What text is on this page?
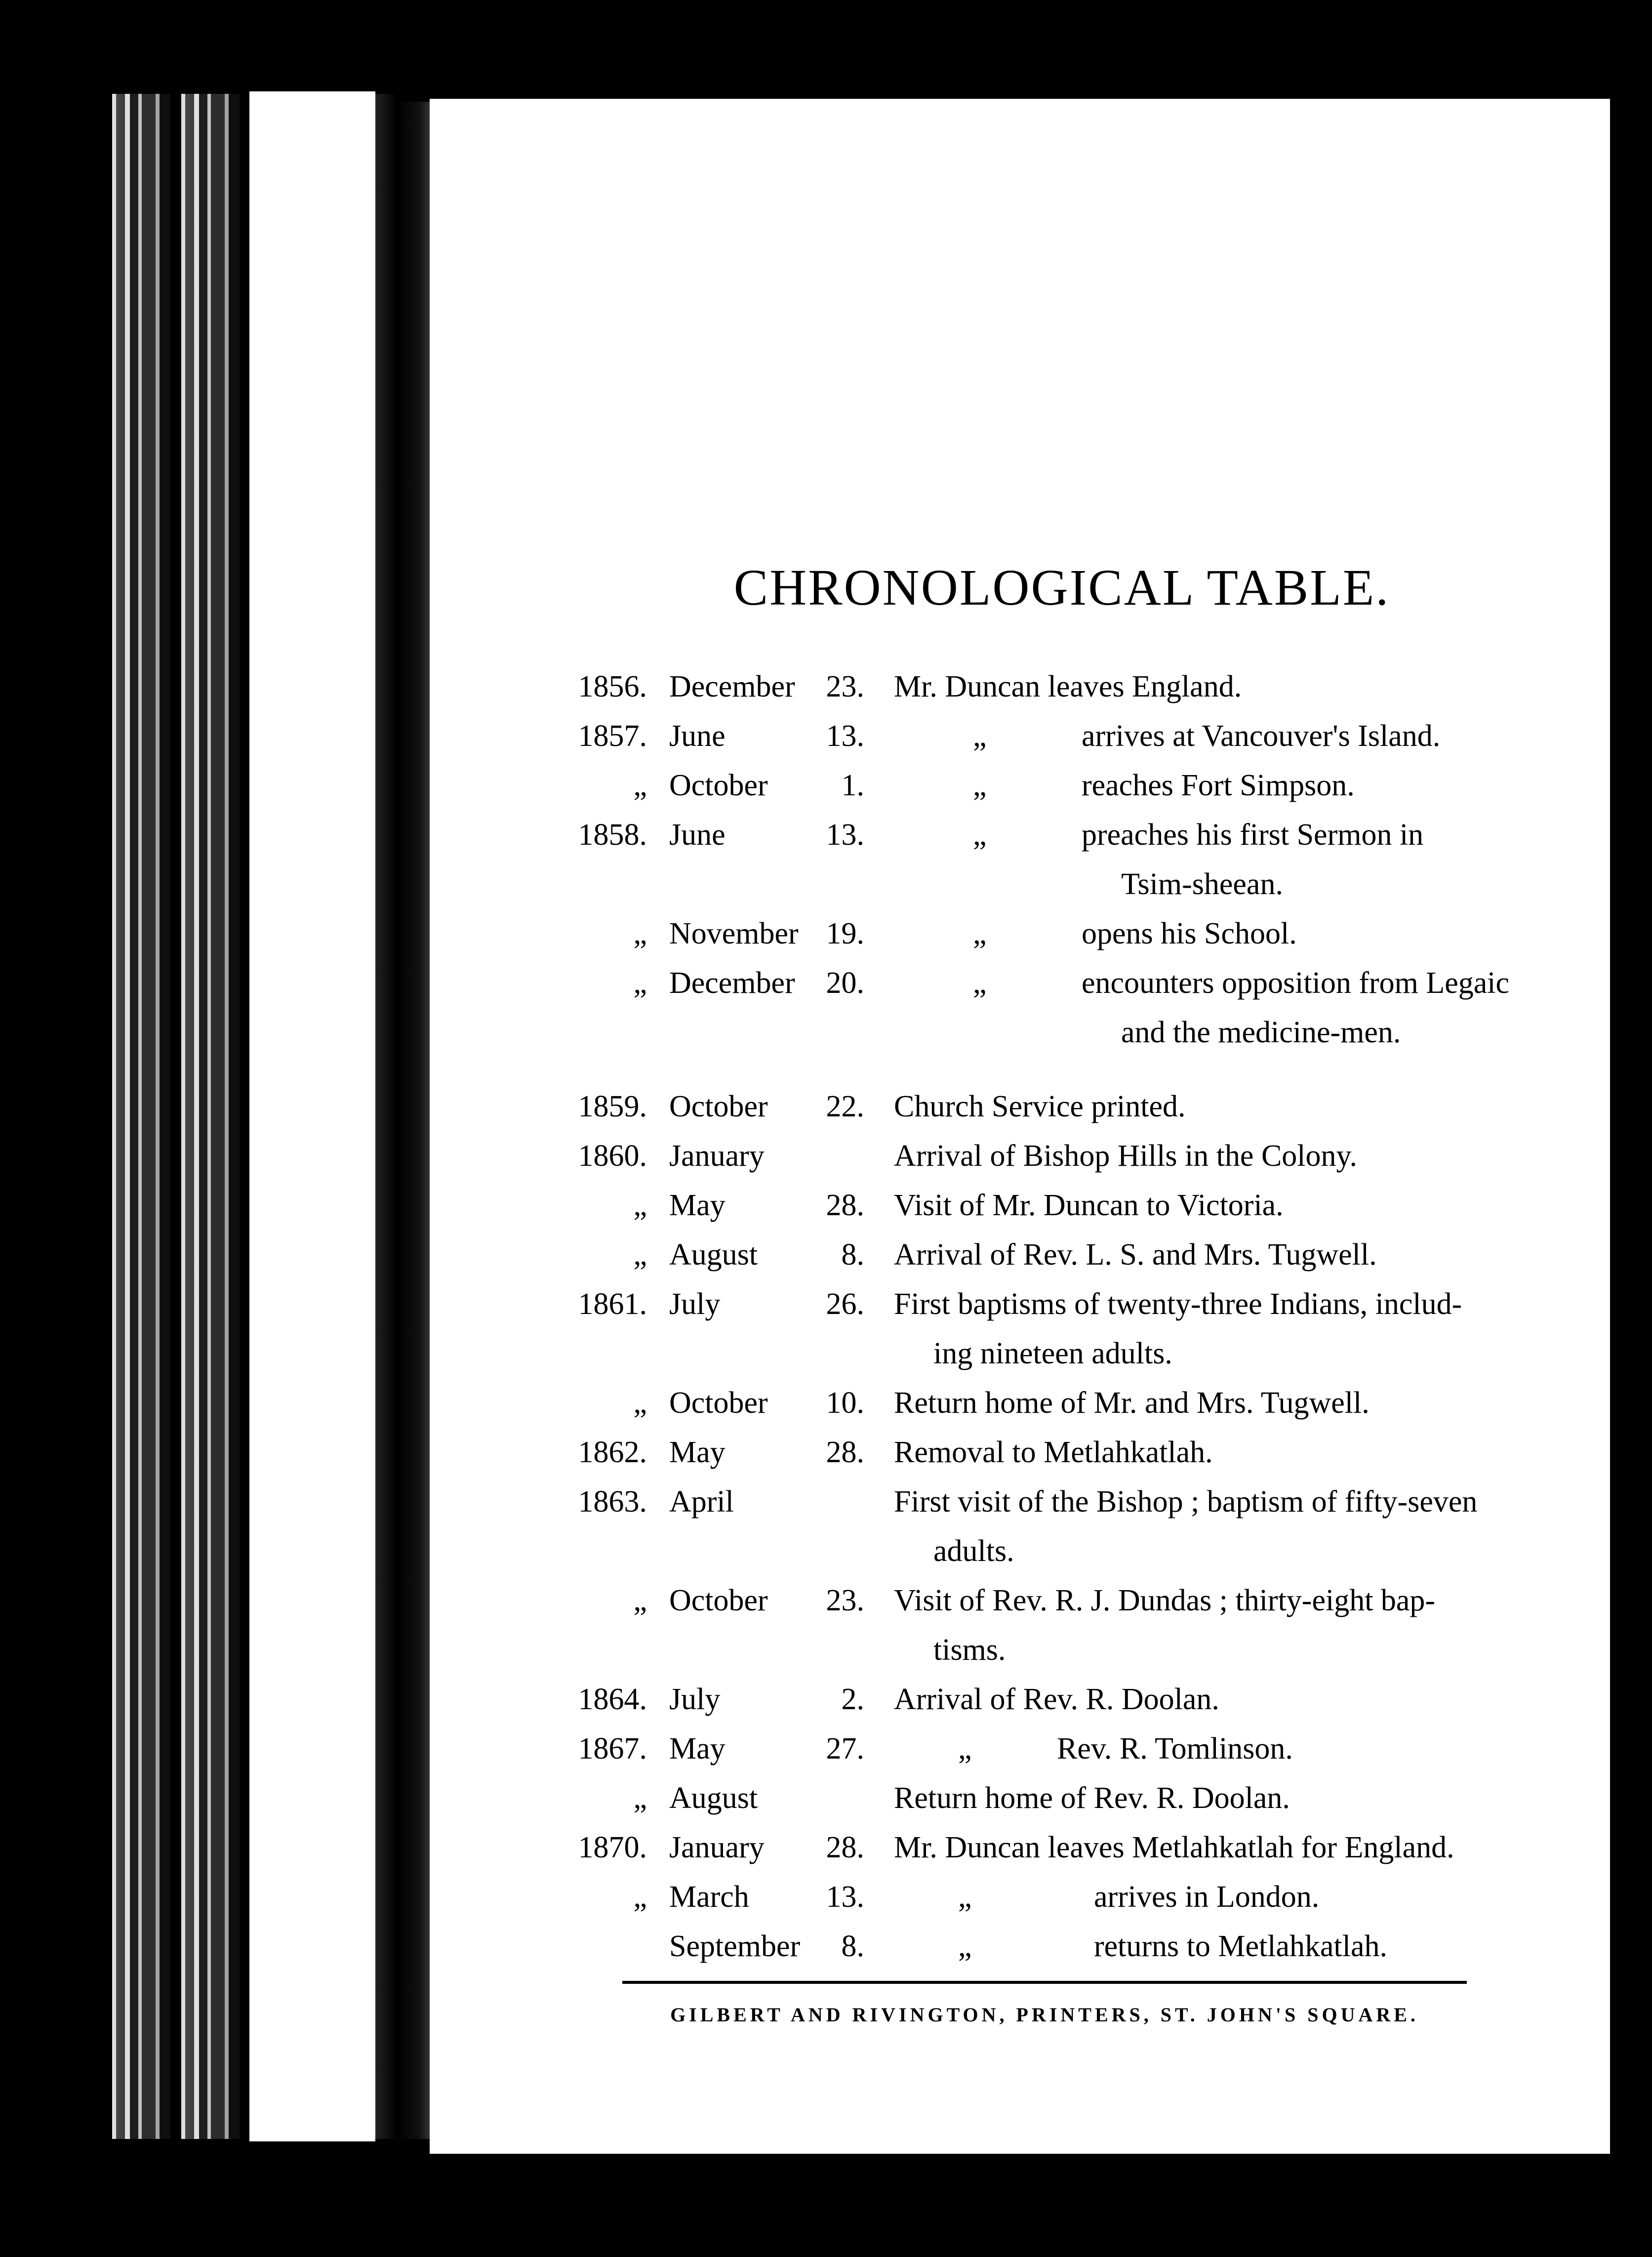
CHRONOLOGICAL TABLE.
1856. December	23. Mr. Duncan leaves England.
1857. June	13.	„	arrives at Vancouver's Island.
„ October	1.	„	reaches Fort Simpson.
1858. June	13.	„	preaches his first Sermon in
Tsim-sheean.
„ November 19.	„	opens his School.
„ December	20.	„	encounters opposition from Legaic
and the medicine-men.
1859. October	22. Church Service printed.
1860. January	Arrival of Bishop Hills in the Colony.
„ May	28. Visit of Mr. Duncan to Victoria.
„ August	8. Arrival of Rev. L. S. and Mrs. Tugwell.
1861. July	26. First baptisms of twenty-three Indians, includ-
ing nineteen adults.
„ October	10. Return home of Mr. and Mrs. Tugwell.
1862. May	28. Removal to Metlahkatlah.
1863. April	First visit of the Bishop ; baptism of fifty-seven
adults.
„ October	23. Visit of Rev. R. J. Dundas ; thirty-eight bap-
tisms.
1864. July	2. Arrival of Rev. R. Doolan.
1867. May	27.	„	Rev. R. Tomlinson.
„ August	Return home of Rev. R. Doolan.
1870. January	28. Mr. Duncan leaves Metlahkatlah for England.
„ March	13.	„	arrives in London.
September	8.	„	returns to Metlahkatlah.
GILBERT AND RIVINGTON, PRINTERS, ST. JOHN'S SQUARE.
